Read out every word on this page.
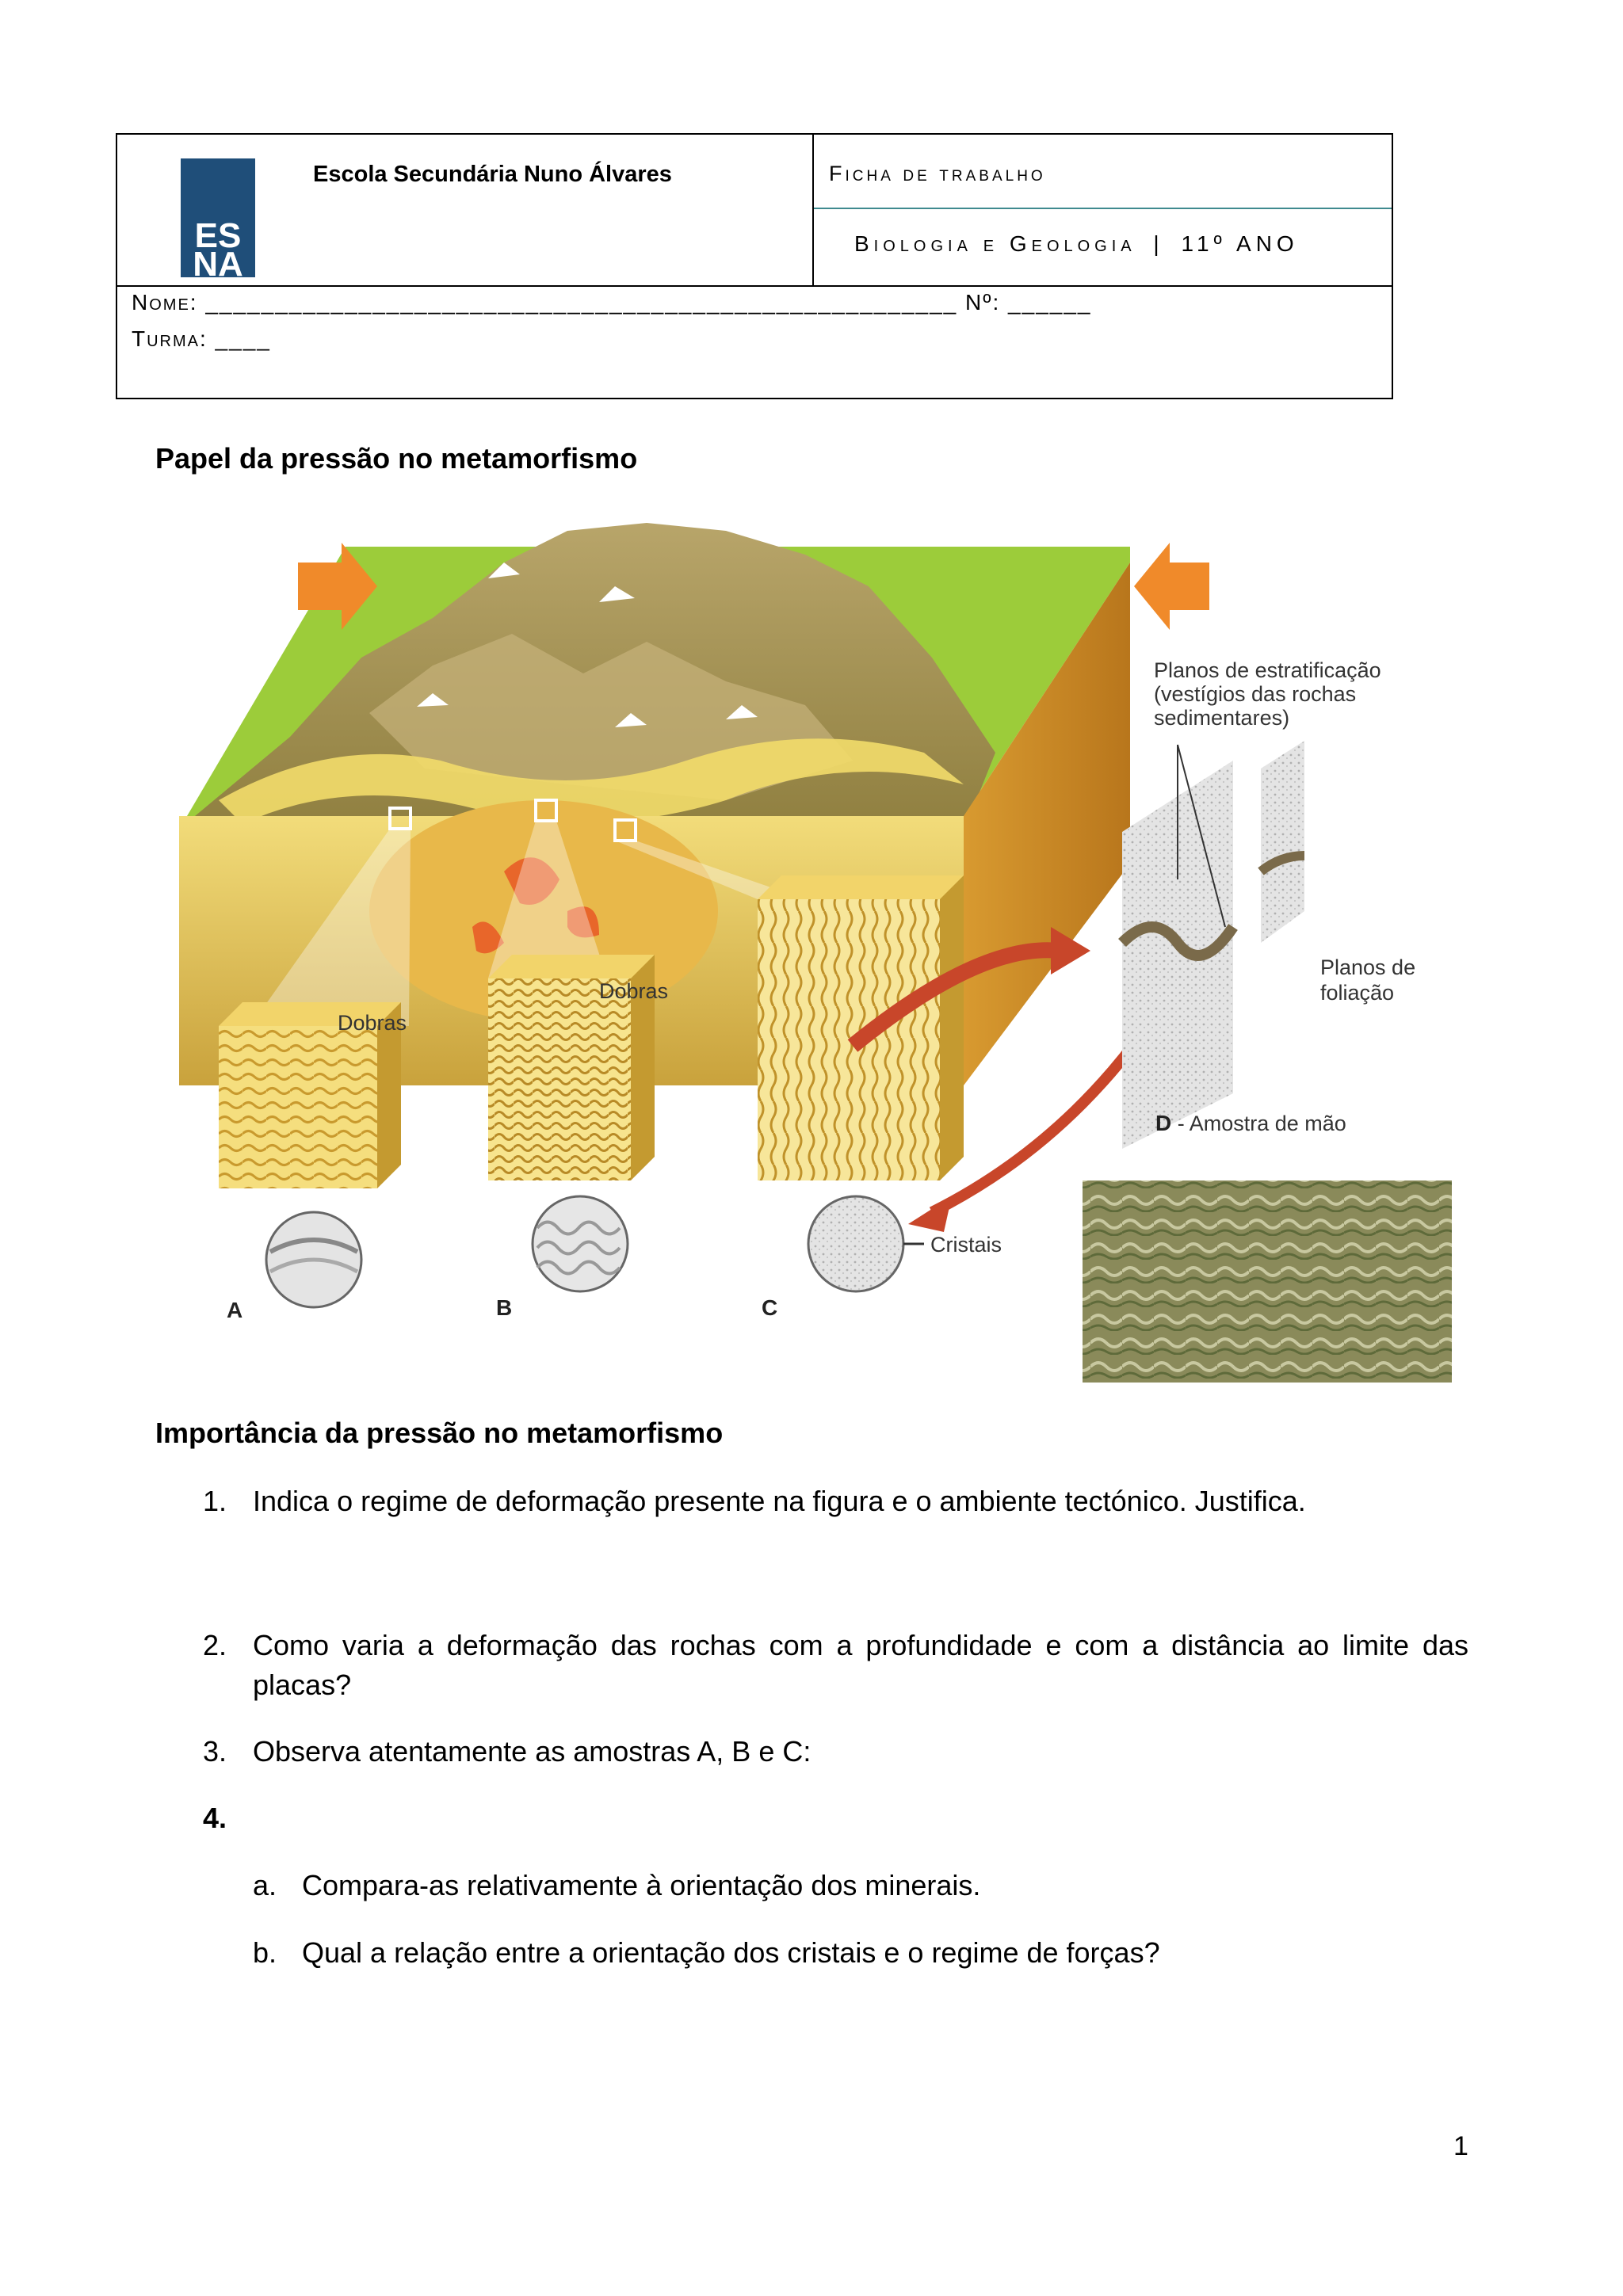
ES
NA
Escola Secundária Nuno Álvares	Ficha de trabalho
Biologia e Geologia | 11º ANO
Nome: ______________________________________________________ Nº: ______
Turma: ____
Papel da pressão no metamorfismo
Dobras
Dobras
Cristais
A	B	C
Planos de estratificação
(vestígios das rochas
sedimentares)
Planos de
foliação
D - Amostra de mão
Importância da pressão no metamorfismo
1. Indica o regime de deformação presente na figura e o ambiente tectónico. Justifica.
2. Como varia a deformação das rochas com a profundidade e com a distância ao limite das placas?
3. Observa atentamente as amostras A, B e C:
4.
a. Compara-as relativamente à orientação dos minerais.
b. Qual a relação entre a orientação dos cristais e o regime de forças?
1
